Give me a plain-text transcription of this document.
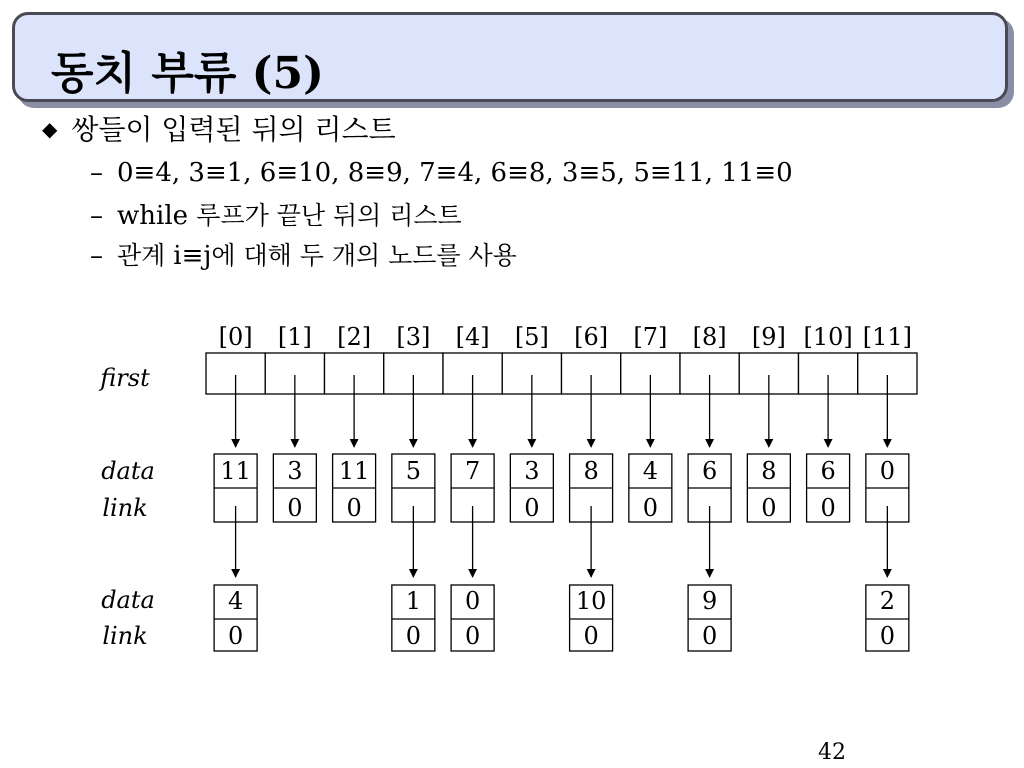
동치 부류 (5)
◆ 쌍들이 입력된 뒤의 리스트
– 0≡4, 3≡1, 6≡10, 8≡9, 7≡4, 6≡8, 3≡5, 5≡11, 11≡0
– while 루프가 끝난 뒤의 리스트
– 관계 i≡j에 대해 두 개의 노드를 사용
[0] [1] [2] [3] [4] [5] [6] [7] [8] [9] [10] [11]
first
data
link
11 3
0
11
0
5 7 3
0
8 4
0
6 8
0
6
0
0
data
link
4
0
1
0
0
0
10
0
9
0
2
0
42
